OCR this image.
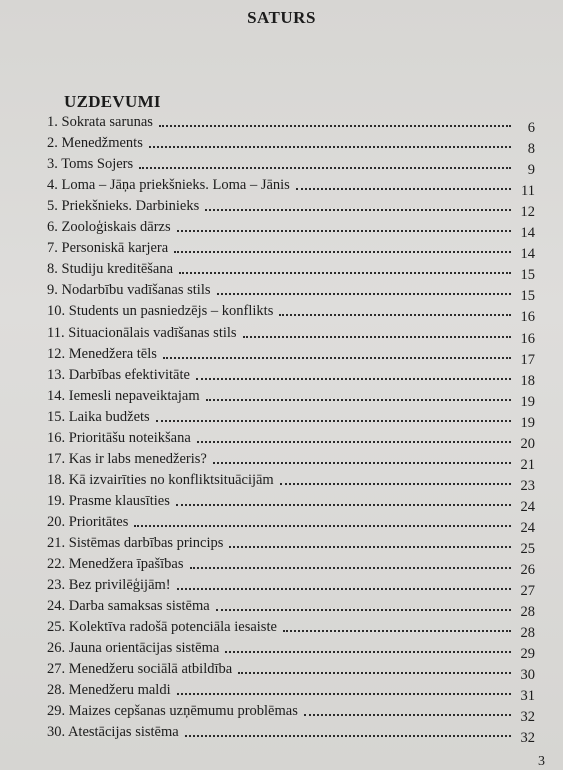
SATURS
UZDEVUMI
1. Sokrata sarunas	6
2. Menedžments	8
3. Toms Sojers	9
4. Loma – Jāņa priekšnieks. Loma – Jānis	11
5. Priekšnieks. Darbinieks	12
6. Zooloģiskais dārzs	14
7. Personiskā karjera	14
8. Studiju kreditēšana	15
9. Nodarbību vadīšanas stils	15
10. Students un pasniedzējs – konflikts	16
11. Situacionālais vadīšanas stils	16
12. Menedžera tēls	17
13. Darbības efektivitāte	18
14. Iemesli nepaveiktajam	19
15. Laika budžets	19
16. Prioritāšu noteikšana	20
17. Kas ir labs menedžeris?	21
18. Kā izvairīties no konfliktsituācijām	23
19. Prasme klausīties	24
20. Prioritātes	24
21. Sistēmas darbības princips	25
22. Menedžera īpašības	26
23. Bez privilēģijām!	27
24. Darba samaksas sistēma	28
25. Kolektīva radošā potenciāla iesaiste	28
26. Jauna orientācijas sistēma	29
27. Menedžeru sociālā atbildība	30
28. Menedžeru maldi	31
29. Maizes cepšanas uzņēmumu problēmas	32
30. Atestācijas sistēma	32
3
